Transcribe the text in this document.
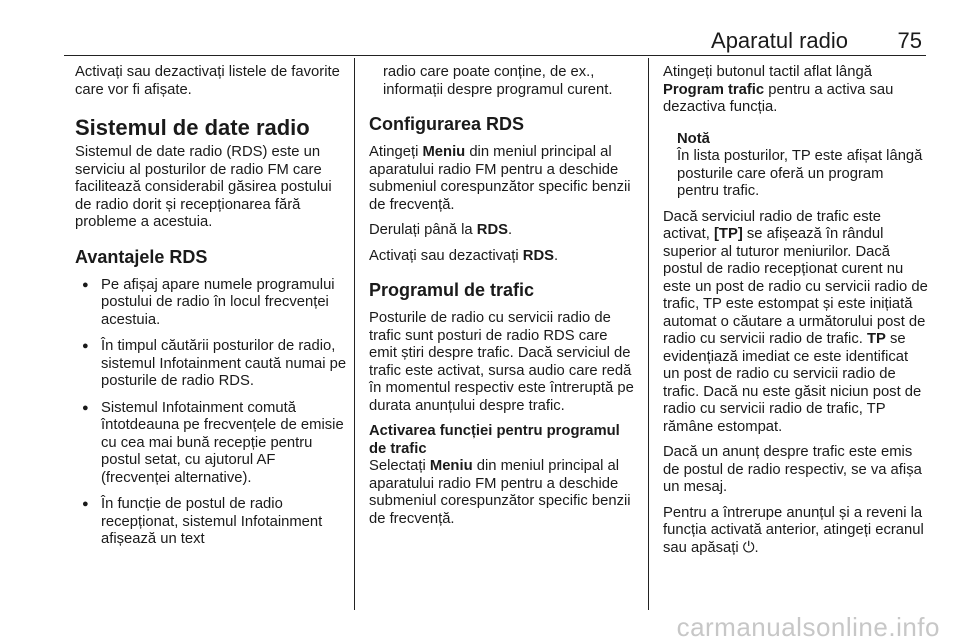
Aparatul radio 75

Activați sau dezactivați listele de favorite care vor fi afișate.

Sistemul de date radio

Sistemul de date radio (RDS) este un serviciu al posturilor de radio FM care facilitează considerabil găsirea postului de radio dorit și recepționarea fără probleme a acestuia.

Avantajele RDS
● Pe afișaj apare numele programului postului de radio în locul frecvenței acestuia.
● În timpul căutării posturilor de radio, sistemul Infotainment caută numai pe posturile de radio RDS.
● Sistemul Infotainment comută întotdeauna pe frecvențele de emisie cu cea mai bună recepție pentru postul setat, cu ajutorul AF (frecvenței alternative).
● În funcție de postul de radio recepționat, sistemul Infotainment afișează un text

radio care poate conține, de ex., informații despre programul curent.

Configurarea RDS

Atingeți Meniu din meniul principal al aparatului radio FM pentru a deschide submeniul corespunzător specific benzii de frecvență.

Derulați până la RDS.

Activați sau dezactivați RDS.

Programul de trafic

Posturile de radio cu servicii radio de trafic sunt posturi de radio RDS care emit știri despre trafic. Dacă serviciul de trafic este activat, sursa audio care redă în momentul respectiv este întreruptă pe durata anunțului despre trafic.

Activarea funcției pentru programul de trafic

Selectați Meniu din meniul principal al aparatului radio FM pentru a deschide submeniul corespunzător specific benzii de frecvență.

Atingeți butonul tactil aflat lângă Program trafic pentru a activa sau dezactiva funcția.

Notă

În lista posturilor, TP este afișat lângă posturile care oferă un program pentru trafic.

Dacă serviciul radio de trafic este activat, [TP] se afișează în rândul superior al tuturor meniurilor. Dacă postul de radio recepționat curent nu este un post de radio cu servicii radio de trafic, TP este estompat și este inițiată automat o căutare a următorului post de radio cu servicii radio de trafic. TP se evidențiază imediat ce este identificat un post de radio cu servicii radio de trafic. Dacă nu este găsit niciun post de radio cu servicii radio de trafic, TP rămâne estompat.

Dacă un anunț despre trafic este emis de postul de radio respectiv, se va afișa un mesaj.

Pentru a întrerupe anunțul și a reveni la funcția activată anterior, atingeți ecranul sau apăsați ⏻.

carmanualsonline.info
